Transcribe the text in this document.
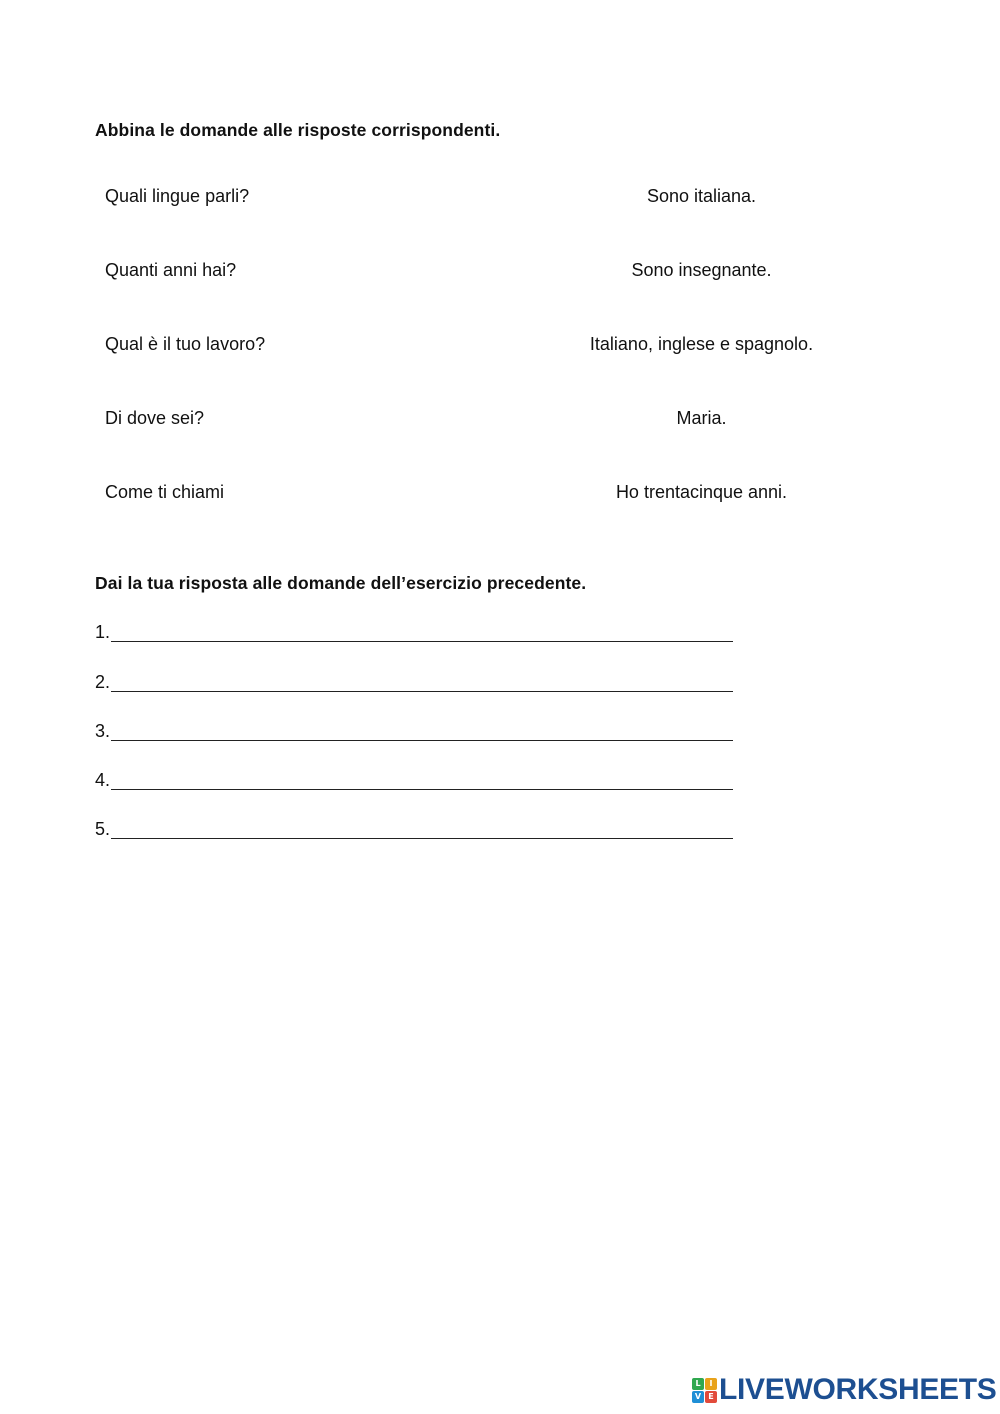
Abbina le domande alle risposte corrispondenti.
Quali lingue parli?	Sono italiana.
Quanti anni hai?	Sono insegnante.
Qual è il tuo lavoro?	Italiano, inglese e spagnolo.
Di dove sei?	Maria.
Come ti chiami	Ho trentacinque anni.
Dai la tua risposta alle domande dell’esercizio precedente.
1.
2.
3.
4.
5.
L	I
V E LIVEWORKSHEETS
